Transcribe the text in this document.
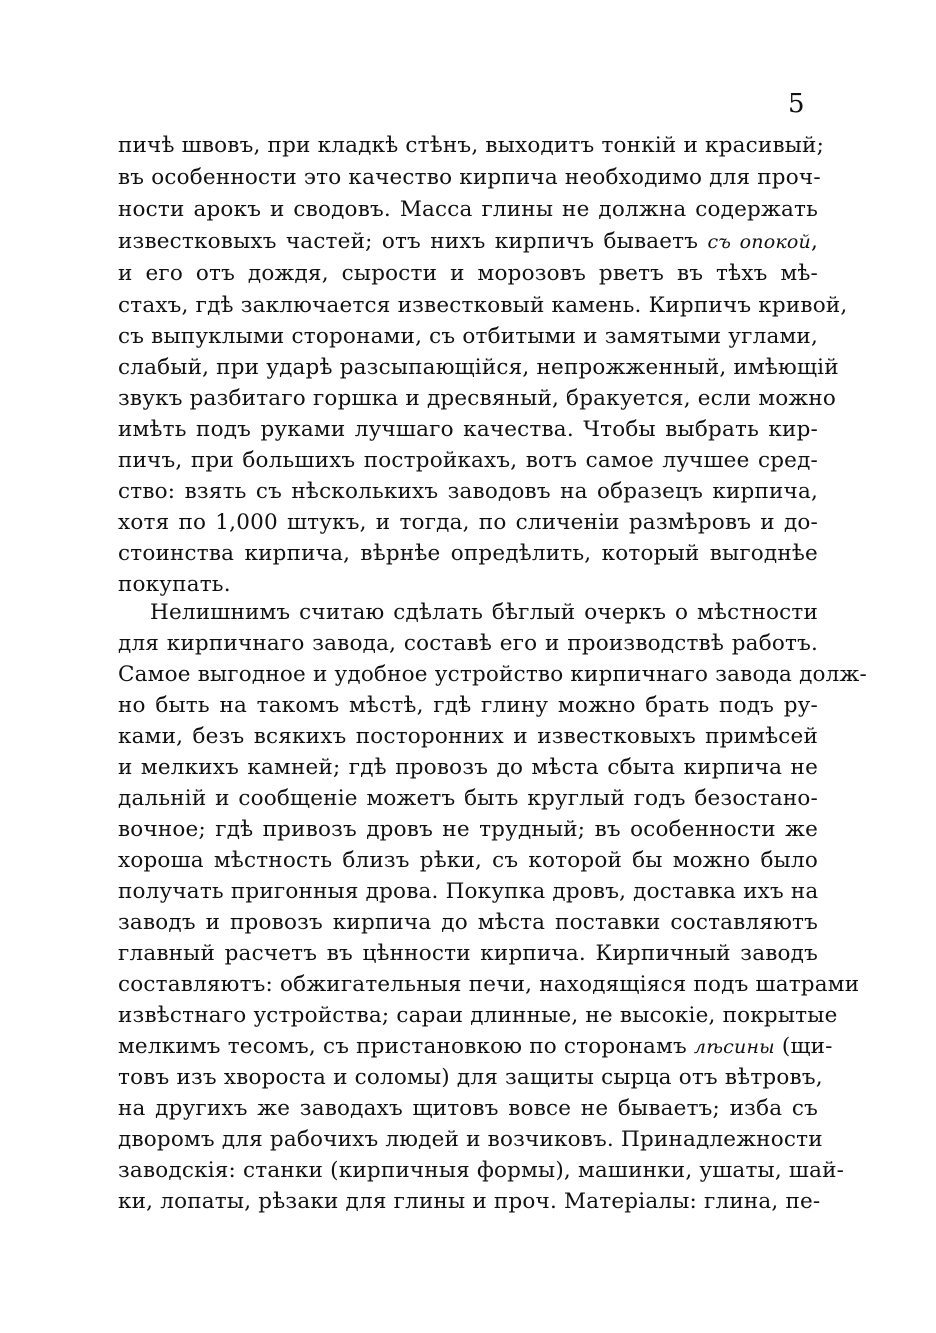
5
пичѣ швовъ, при кладкѣ стѣнъ, выходитъ тонкій и красивый;
въ особенности это качество кирпича необходимо для проч-
ности арокъ и сводовъ. Масса глины не должна содержать
известковыхъ частей; отъ нихъ кирпичъ бываетъ съ опокой,
и его отъ дождя, сырости и морозовъ рветъ въ тѣхъ мѣ-
стахъ, гдѣ заключается известковый камень. Кирпичъ кривой,
съ выпуклыми сторонами, съ отбитыми и замятыми углами,
слабый, при ударѣ разсыпающійся, непрожженный, имѣющій
звукъ разбитаго горшка и дресвяный, бракуется, если можно
имѣть подъ руками лучшаго качества. Чтобы выбрать кир-
пичъ, при большихъ постройкахъ, вотъ самое лучшее сред-
ство: взять съ нѣсколькихъ заводовъ на образецъ кирпича,
хотя по 1,000 штукъ, и тогда, по сличеніи размѣровъ и до-
стоинства кирпича, вѣрнѣе опредѣлить, который выгоднѣе
покупать.
Нелишнимъ считаю сдѣлать бѣглый очеркъ о мѣстности
для кирпичнаго завода, составѣ его и производствѣ работъ.
Самое выгодное и удобное устройство кирпичнаго завода долж-
но быть на такомъ мѣстѣ, гдѣ глину можно брать подъ ру-
ками, безъ всякихъ посторонних и известковыхъ примѣсей
и мелкихъ камней; гдѣ провозъ до мѣста сбыта кирпича не
дальній и сообщеніе можетъ быть круглый годъ безостано-
вочное; гдѣ привозъ дровъ не трудный; въ особенности же
хороша мѣстность близъ рѣки, съ которой бы можно было
получать пригонныя дрова. Покупка дровъ, доставка ихъ на
заводъ и провозъ кирпича до мѣста поставки составляютъ
главный расчетъ въ цѣнности кирпича. Кирпичный заводъ
составляютъ: обжигательныя печи, находящіяся подъ шатрами
извѣстнаго устройства; сараи длинные, не высокіе, покрытые
мелкимъ тесомъ, съ пристановкою по сторонамъ лѣсины (щи-
товъ изъ хвороста и соломы) для защиты сырца отъ вѣтровъ,
на другихъ же заводахъ щитовъ вовсе не бываетъ; изба съ
дворомъ для рабочихъ людей и возчиковъ. Принадлежности
заводскія: станки (кирпичныя формы), машинки, ушаты, шай-
ки, лопаты, рѣзаки для глины и проч. Матеріалы: глина, пе-
